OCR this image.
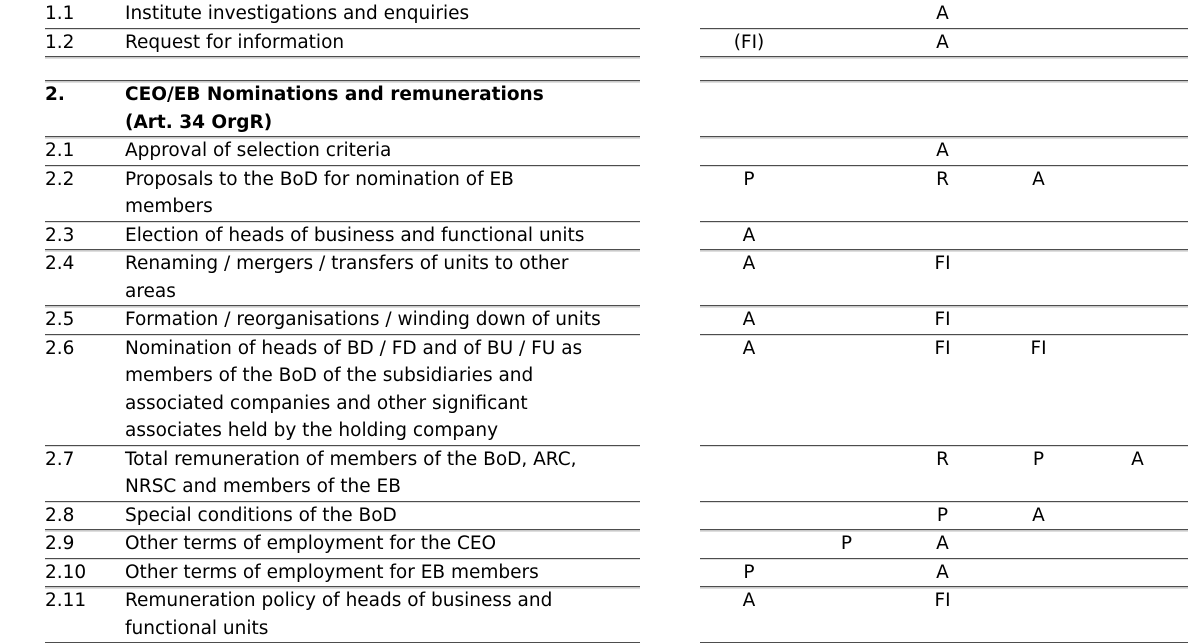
	1.1	Institute investigations and enquiries				A			
	1.2	Request for information		(FI)		A			

	2.	CEO/EB Nominations and remunerations
(Art. 34 OrgR)							

	2.1	Approval of selection criteria				A			
	2.2	Proposals to the BoD for nomination of EB
members		P		R	A		
	2.3	Election of heads of business and functional units		A					
	2.4	Renaming / mergers / transfers of units to other
areas		A		FI			
	2.5	Formation / reorganisations / winding down of units		A		FI			
	2.6	Nomination of heads of BD / FD and of BU / FU as
members of the BoD of the subsidiaries and
associated companies and other significant
associates held by the holding company		A		FI	FI		
	2.7	Total remuneration of members of the BoD, ARC,
NRSC and members of the EB				R	P	A	
	2.8	Special conditions of the BoD				P	A		
	2.9	Other terms of employment for the CEO			P	A			
	2.10	Other terms of employment for EB members		P		A			
	2.11	Remuneration policy of heads of business and
functional units		A		FI			
